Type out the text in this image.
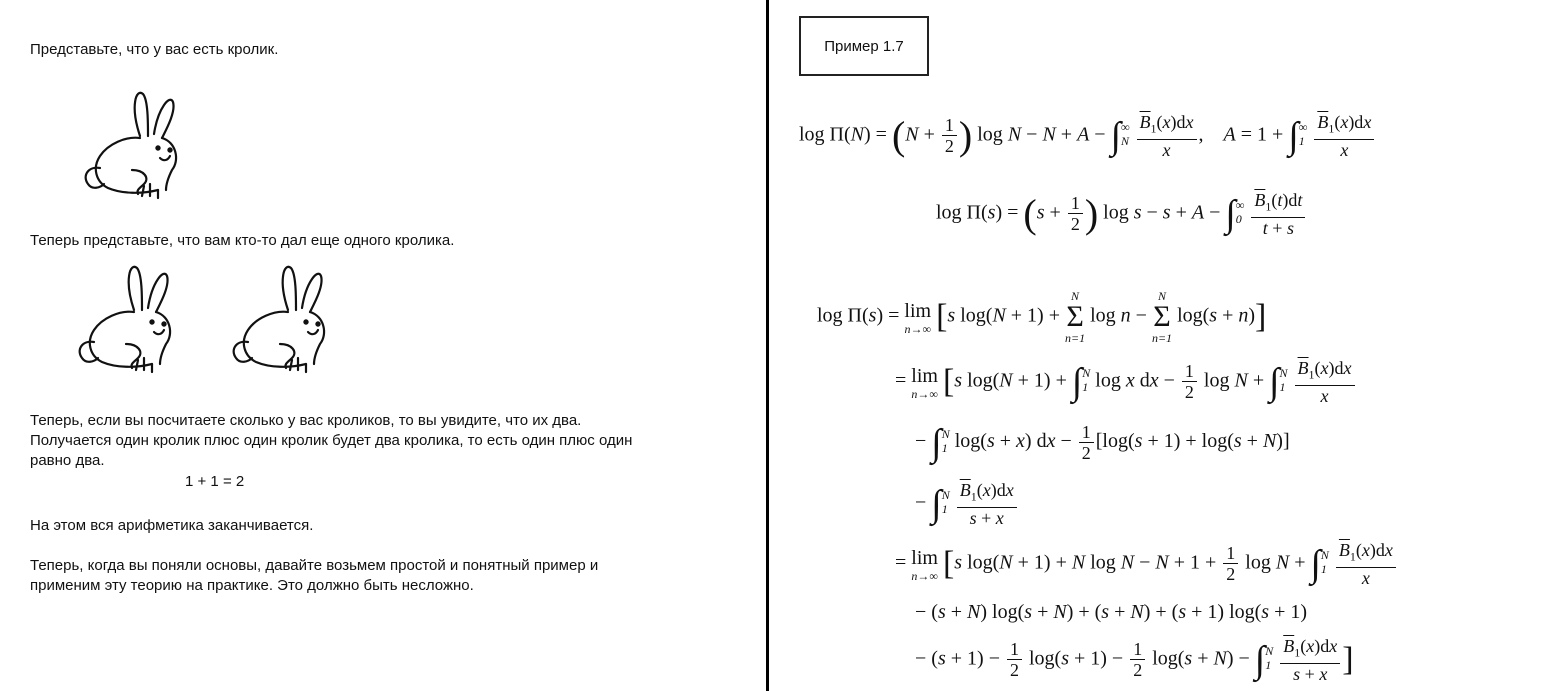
Представьте, что у вас есть кролик.

Теперь представьте, что вам кто-то дал еще одного кролика.

Теперь, если вы посчитаете сколько у вас кроликов, то вы увидите, что их два.

Получается один кролик плюс один кролик будет два кролика, то есть один плюс один

равно два.

1 + 1 = 2

На этом вся арифметика заканчивается.

Теперь, когда вы поняли основы, давайте возьмем простой и понятный пример и

применим эту теорию на практике. Это должно быть несложно.

Пример 1.7
$\log \Pi(N) = (N + \frac{1}{2}$ ) log N − N + A − ∫ ∞
N
$\frac{\overline{B}_1(x)dx}{x}$ ,    A = 1 + ∫ ∞
1
$\frac{\overline{B}_1(x)dx}{x}$
$\log \Pi(s) = (s + \frac{1}{2}$ ) log s − s + A − ∫ ∞
0
$\frac{\overline{B}_1(t)dt}{t + s}$
log Π(s) = lim
n→∞ [s log(N + 1) +
N
Σ
n=1
log n −
N
Σ
n=1
log(s + n)]
= lim
n→∞ [s log(N + 1) + ∫ N
1 log x dx − $\frac{1}{2}$ log N + ∫ N
1
$\frac{\overline{B}_1(x)dx}{x}$
− ∫ N
1 log(s + x) dx − $\frac{1}{2} [\log(s + 1) + \log(s + N)]$
− ∫ N
1
$\frac{\overline{B}_1(x)dx}{s + x}$
= lim
n→∞ [s log(N + 1) + N $\log N - N + 1 + \frac{1}{2}$ log N + ∫ N
1
$\frac{\overline{B}_1(x)dx}{x}$
− (s + N) log(s + N) + (s + N) + (s + 1) log(s + 1)
− $(s + 1) - \frac{1}{2} \log(s + 1) - \frac{1}{2} \log(s + N)$ − ∫ N
1
$\frac{\overline{B}_1(x)dx}{s + x}$ ]
